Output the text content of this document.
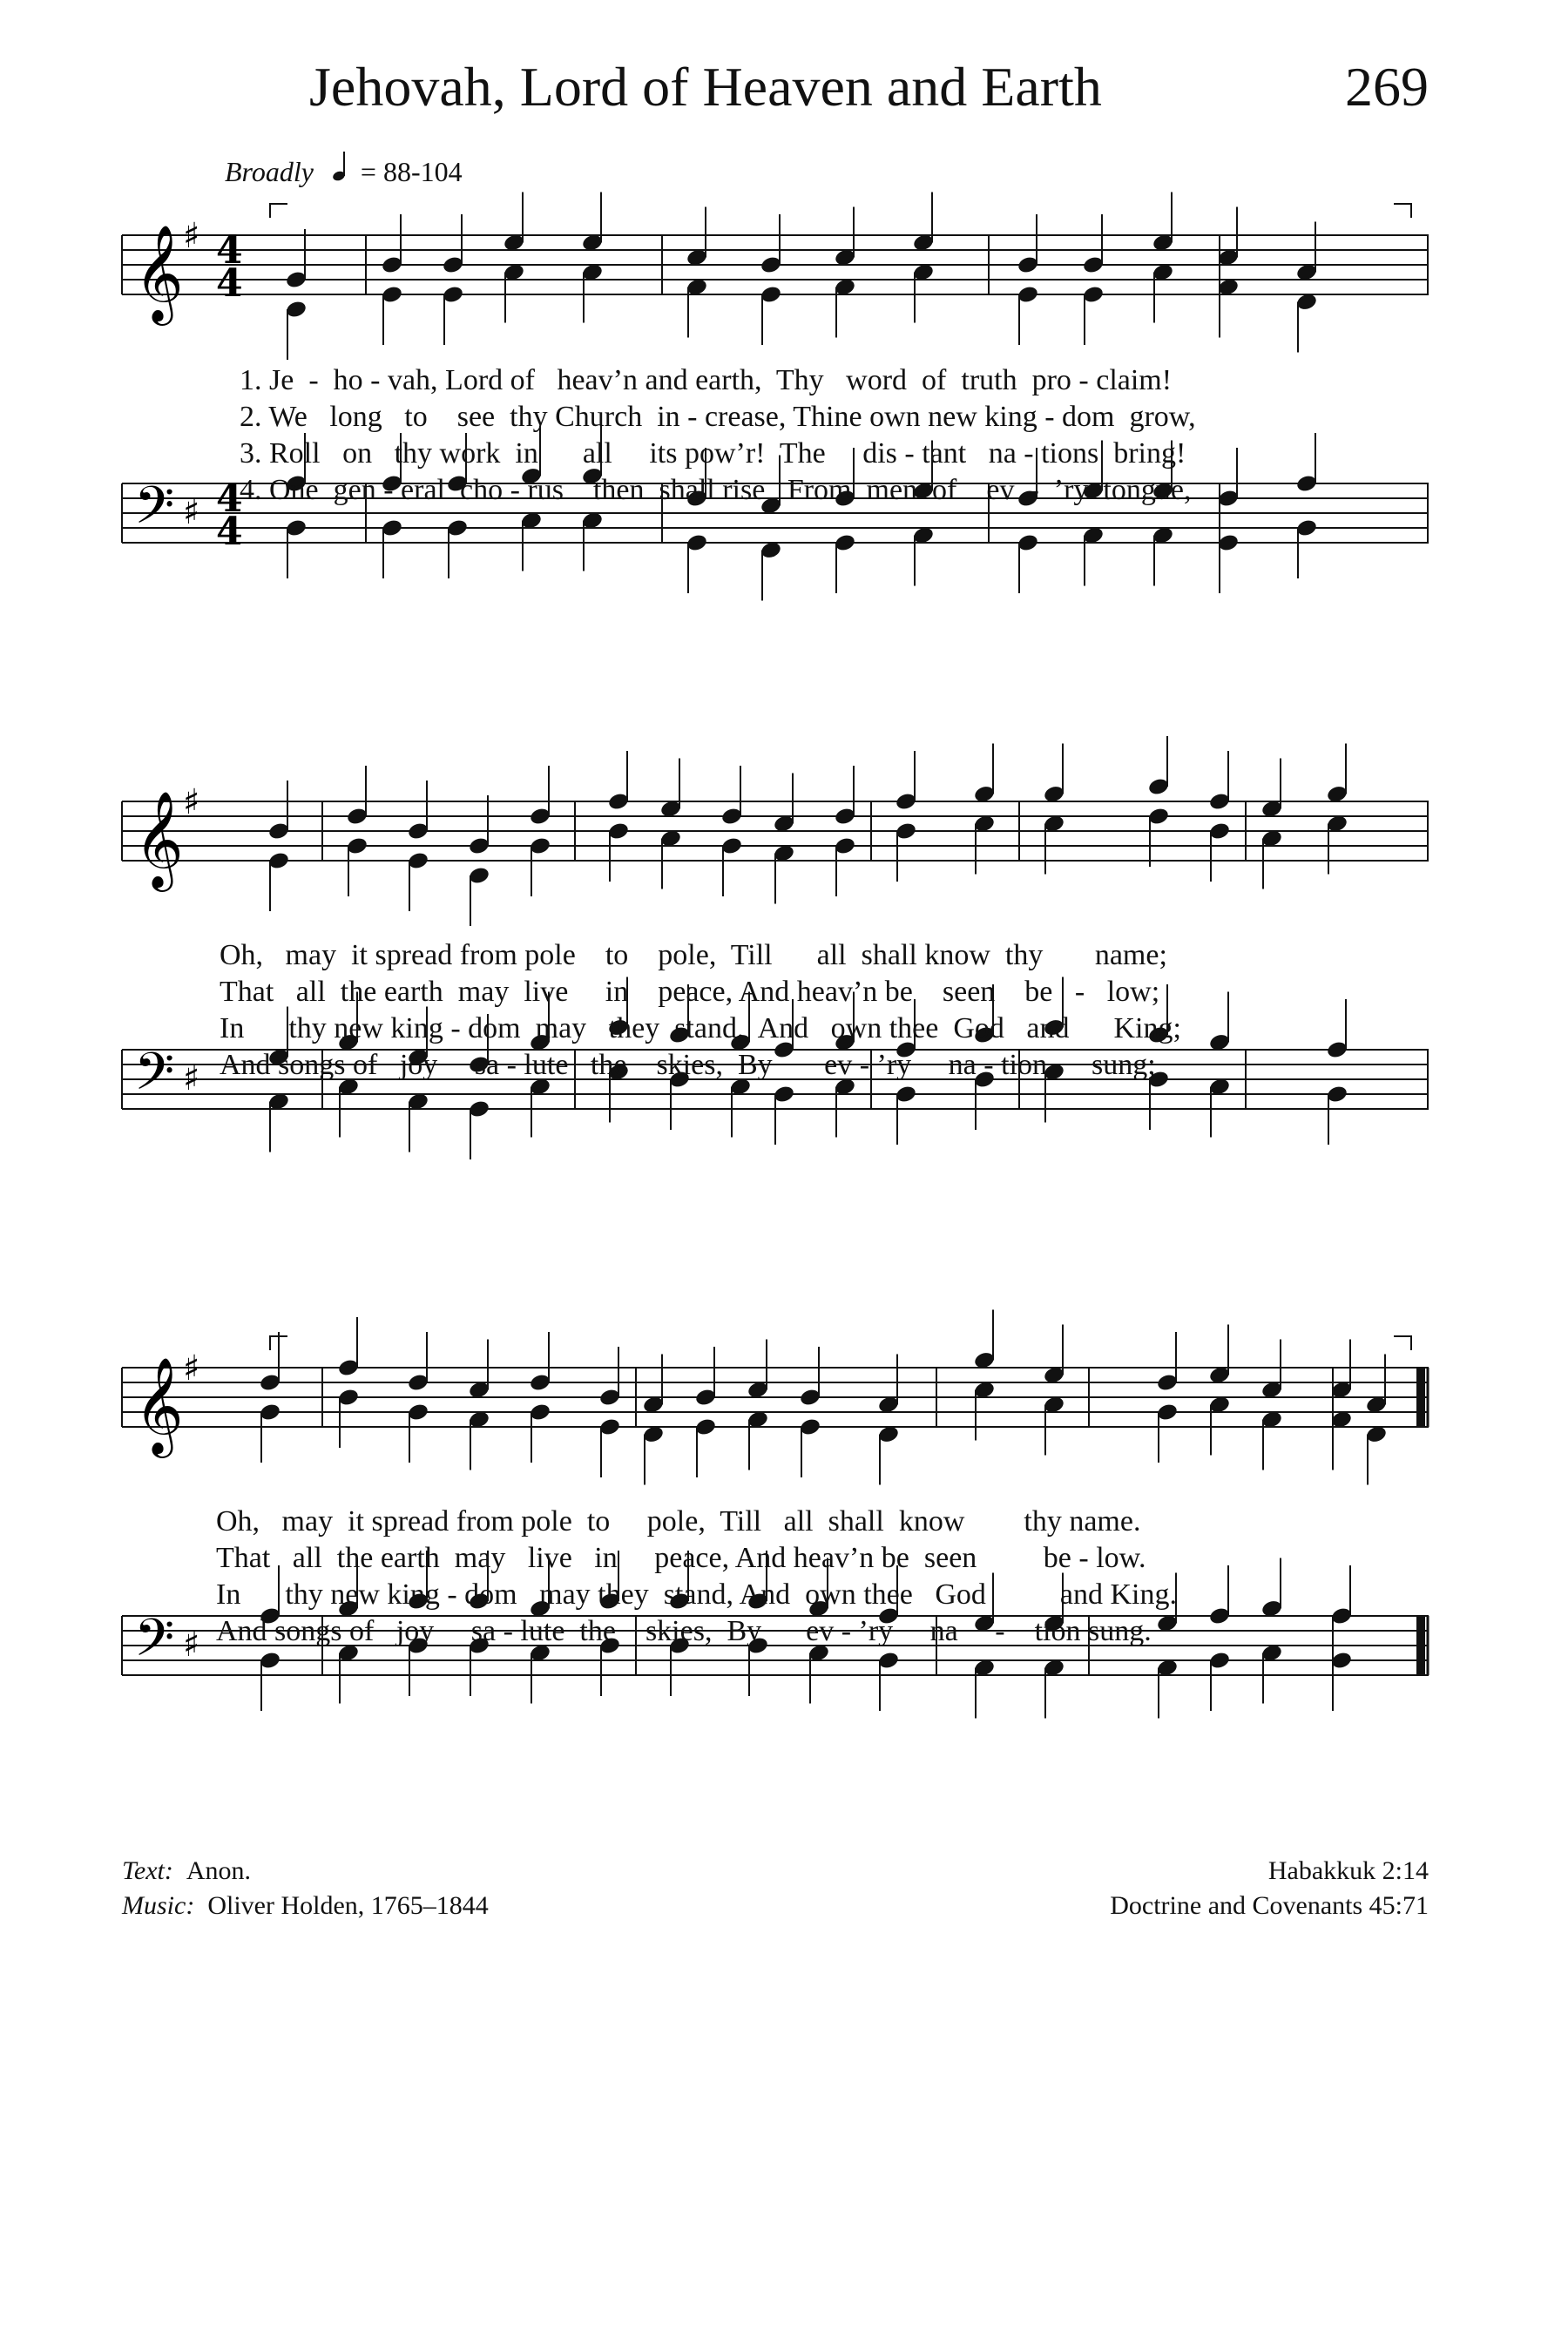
Jehovah, Lord of Heaven and Earth	269
Broadly = 88-104
𝄞
𝄢
♯
♯
4
4
4
4
1. Je  -  ho - vah, Lord of   heav’n and earth,  Thy   word  of  truth  pro - claim!
2. We   long   to    see  thy Church  in - crease, Thine own new king - dom  grow,
3. Roll   on   thy work  in      all     its pow’r!  The     dis - tant   na - tions  bring!
4. One  gen - eral  cho - rus    then  shall rise   From  men  of    ev  -  ’ry  tongue,
𝄞
𝄢
♯
♯
Oh,   may  it spread from pole    to    pole,  Till      all  shall know  thy       name;
That   all  the earth  may  live     in    peace, And heav’n be    seen    be   -   low;
In      thy new king - dom  may   they  stand,  And   own thee  God   and      King;
And songs of   joy     sa - lute   the    skies,  By       ev - ’ry     na - tion      sung;
𝄞
𝄢
♯
♯
Oh,   may  it spread from pole  to     pole,  Till   all  shall  know        thy name.
That   all  the earth  may   live   in     peace, And heav’n be  seen         be - low.
In      thy new king - dom   may they  stand, And  own thee   God          and King.
And songs of   joy     sa - lute  the    skies,  By      ev - ’ry     na     -    tion sung.
Text: Anon.
Music: Oliver Holden, 1765–1844
Habakkuk 2:14
Doctrine and Covenants 45:71
